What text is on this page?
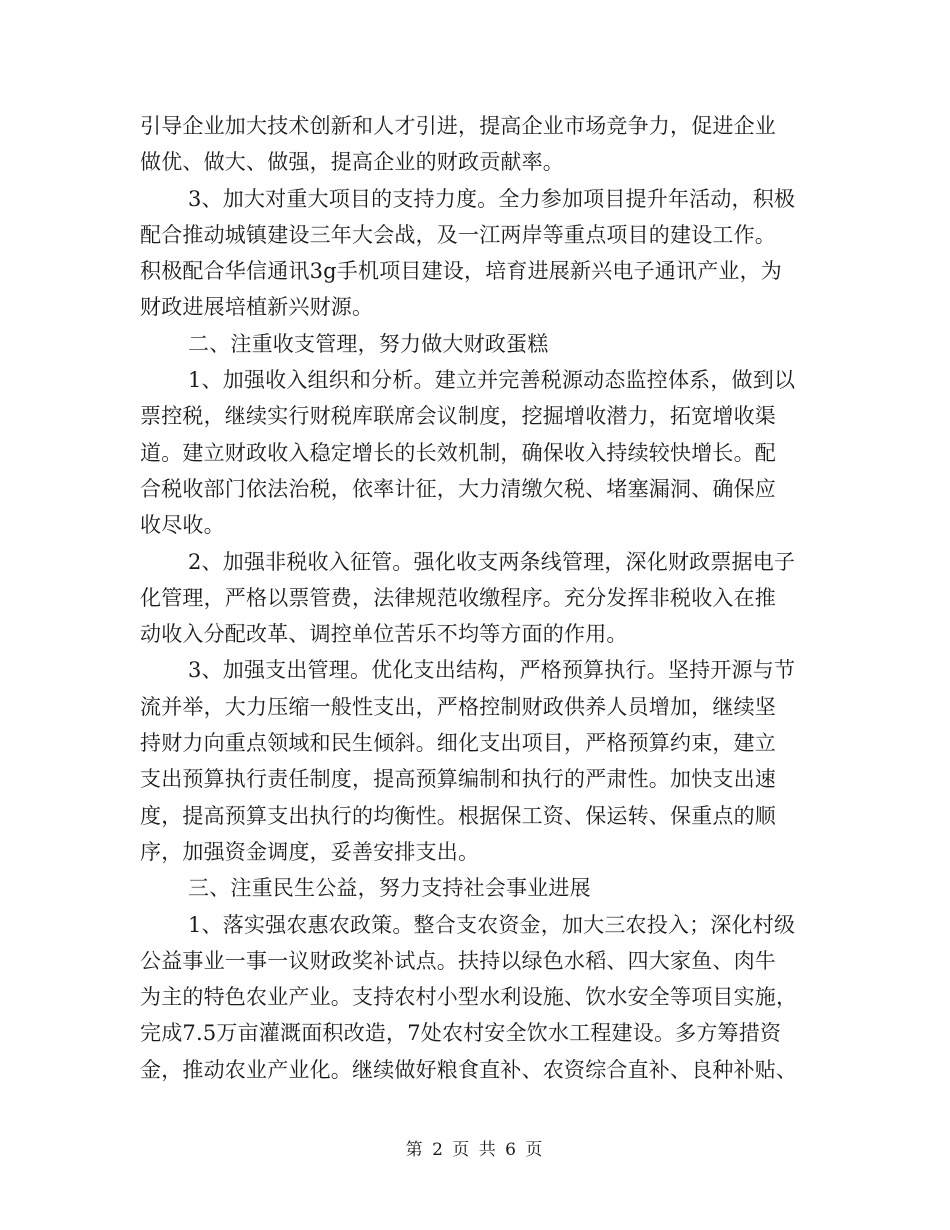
引导企业加大技术创新和人才引进，提高企业市场竞争力，促进企业
做优、做大、做强，提高企业的财政贡献率。
3、加大对重大项目的支持力度。全力参加项目提升年活动，积极
配合推动城镇建设三年大会战，及一江两岸等重点项目的建设工作。
积极配合华信通讯3g手机项目建设，培育进展新兴电子通讯产业，为
财政进展培植新兴财源。
二、注重收支管理，努力做大财政蛋糕
1、加强收入组织和分析。建立并完善税源动态监控体系，做到以
票控税，继续实行财税库联席会议制度，挖掘增收潜力，拓宽增收渠
道。建立财政收入稳定增长的长效机制，确保收入持续较快增长。配
合税收部门依法治税，依率计征，大力清缴欠税、堵塞漏洞、确保应
收尽收。
2、加强非税收入征管。强化收支两条线管理，深化财政票据电子
化管理，严格以票管费，法律规范收缴程序。充分发挥非税收入在推
动收入分配改革、调控单位苦乐不均等方面的作用。
3、加强支出管理。优化支出结构，严格预算执行。坚持开源与节
流并举，大力压缩一般性支出，严格控制财政供养人员增加，继续坚
持财力向重点领域和民生倾斜。细化支出项目，严格预算约束，建立
支出预算执行责任制度，提高预算编制和执行的严肃性。加快支出速
度，提高预算支出执行的均衡性。根据保工资、保运转、保重点的顺
序，加强资金调度，妥善安排支出。
三、注重民生公益，努力支持社会事业进展
1、落实强农惠农政策。整合支农资金，加大三农投入；深化村级
公益事业一事一议财政奖补试点。扶持以绿色水稻、四大家鱼、肉牛
为主的特色农业产业。支持农村小型水利设施、饮水安全等项目实施，
完成7.5万亩灌溉面积改造，7处农村安全饮水工程建设。多方筹措资
金，推动农业产业化。继续做好粮食直补、农资综合直补、良种补贴、
第 2 页 共 6 页
